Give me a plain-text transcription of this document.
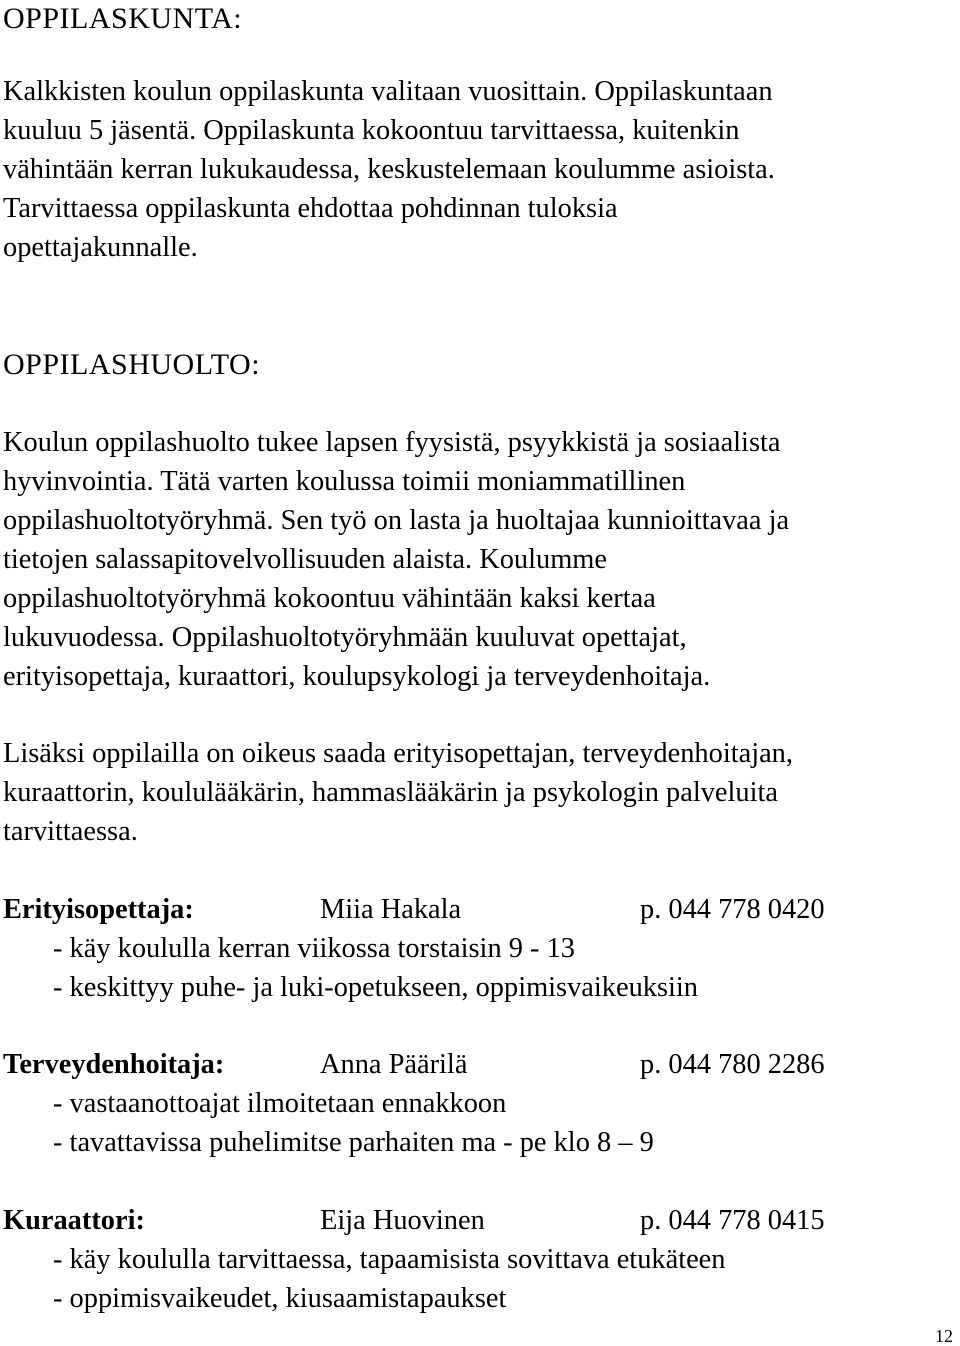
OPPILASKUNTA:
Kalkkisten koulun oppilaskunta valitaan vuosittain. Oppilaskuntaan
kuuluu 5 jäsentä. Oppilaskunta kokoontuu tarvittaessa, kuitenkin
vähintään kerran lukukaudessa, keskustelemaan koulumme asioista.
Tarvittaessa oppilaskunta ehdottaa pohdinnan tuloksia
opettajakunnalle.
OPPILASHUOLTO:
Koulun oppilashuolto tukee lapsen fyysistä, psyykkistä ja sosiaalista
hyvinvointia. Tätä varten koulussa toimii moniammatillinen
oppilashuoltotyöryhmä. Sen työ on lasta ja huoltajaa kunnioittavaa ja
tietojen salassapitovelvollisuuden alaista. Koulumme
oppilashuoltotyöryhmä kokoontuu vähintään kaksi kertaa
lukuvuodessa. Oppilashuoltotyöryhmään kuuluvat opettajat,
erityisopettaja, kuraattori, koulupsykologi ja terveydenhoitaja.
Lisäksi oppilailla on oikeus saada erityisopettajan, terveydenhoitajan,
kuraattorin, koululääkärin, hammaslääkärin ja psykologin palveluita
tarvittaessa.
Erityisopettaja:	Miia Hakala	p. 044 778 0420
- käy koululla kerran viikossa torstaisin 9 - 13
- keskittyy puhe- ja luki-opetukseen, oppimisvaikeuksiin
Terveydenhoitaja:	Anna Päärilä	p. 044 780 2286
- vastaanottoajat ilmoitetaan ennakkoon
- tavattavissa puhelimitse parhaiten ma - pe klo 8 – 9
Kuraattori:	Eija Huovinen	p. 044 778 0415
- käy koululla tarvittaessa, tapaamisista sovittava etukäteen
- oppimisvaikeudet, kiusaamistapaukset
12
